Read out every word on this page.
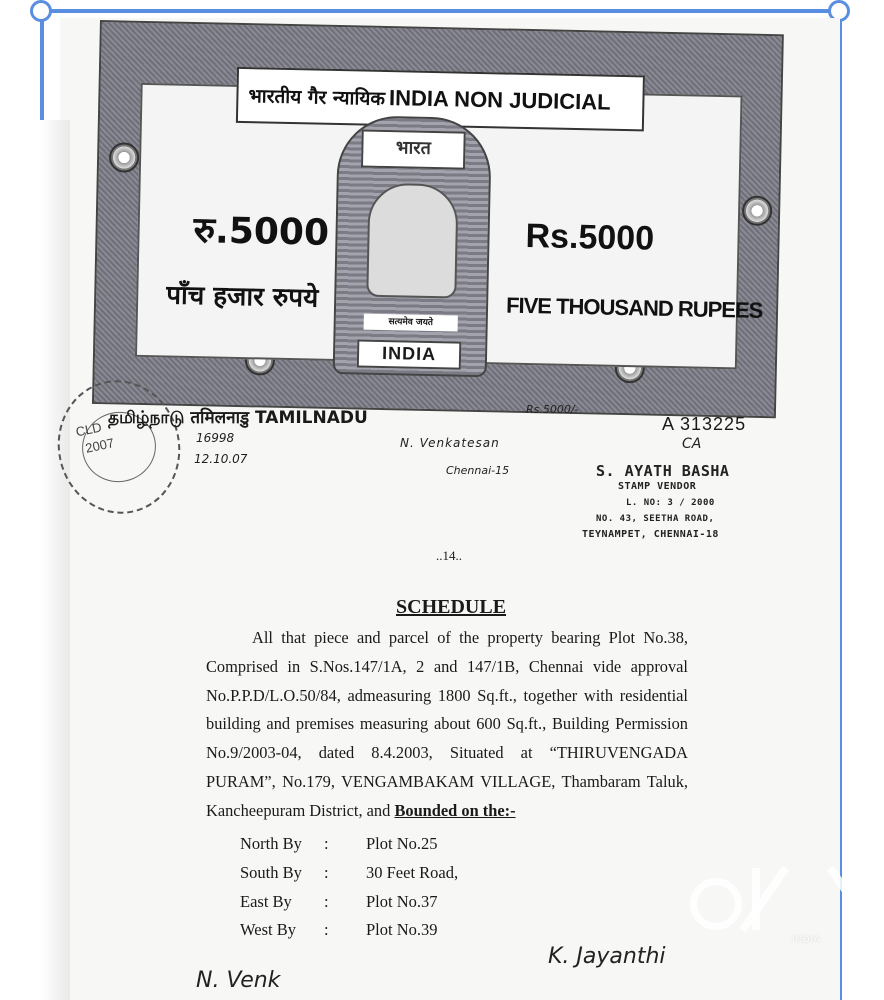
भारतीय गैर न्यायिक INDIA NON JUDICIAL
भारत
सत्यमेव जयते
INDIA
रु.5000	Rs.5000
पाँच हजार रुपये	FIVE THOUSAND RUPEES
CLD
2007
தமிழ்நாடு तमिलनाडु TAMILNADU	Rs.5000/-
A 313225
CA
16998
12.10.07
N. Venkatesan
Chennai-15	S. AYATH BASHA
STAMP VENDOR
L. NO: 3 / 2000
NO. 43, SEETHA ROAD,
TEYNAMPET, CHENNAI-18
..14..
SCHEDULE

All that piece and parcel of the property bearing Plot No.38, Comprised in S.Nos.147/1A, 2 and 147/1B, Chennai vide approval No.P.P.D/L.O.50/84, admeasuring 1800 Sq.ft., together with residential building and premises measuring about 600 Sq.ft., Building Permission No.9/2003-04, dated 8.4.2003, Situated at “THIRUVENGADA PURAM”, No.179, VENGAMBAKAM VILLAGE, Thambaram Taluk, Kancheepuram District, and Bounded on the:-

North By : Plot No.25
South By : 30 Feet Road,
East By : Plot No.37
West By : Plot No.39
N. Venk
K. Jayanthi
INDIA
